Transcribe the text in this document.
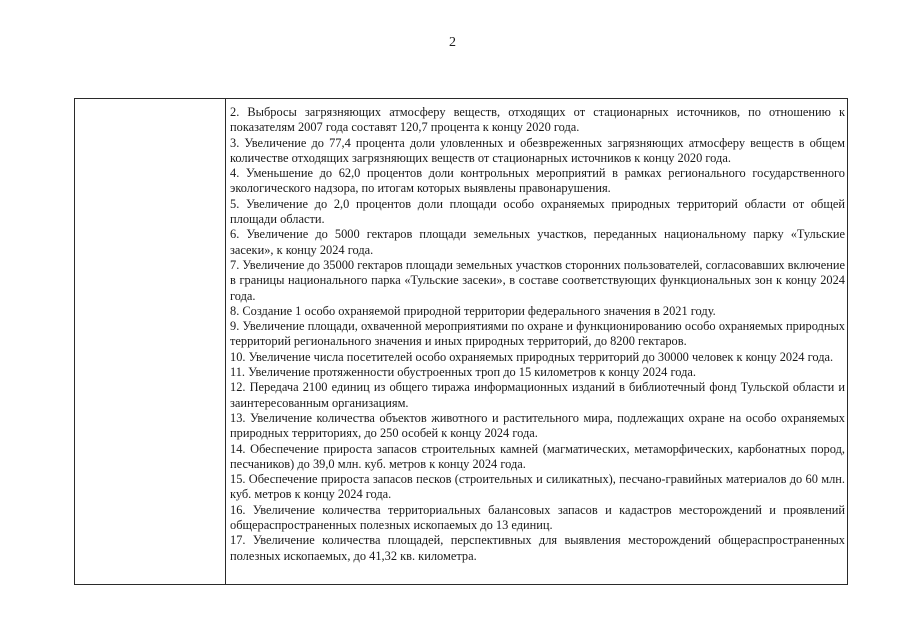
2

2. Выбросы загрязняющих атмосферу веществ, отходящих от стационарных источников, по отношению к показателям 2007 года составят 120,7 процента к концу 2020 года.

3. Увеличение до 77,4 процента доли уловленных и обезвреженных загрязняющих атмосферу веществ в общем количестве отходящих загрязняющих веществ от стационарных источников к концу 2020 года.

4. Уменьшение до 62,0 процентов доли контрольных мероприятий в рамках регионального государственного экологического надзора, по итогам которых выявлены правонарушения.

5. Увеличение до 2,0 процентов доли площади особо охраняемых природных территорий области от общей площади области.

6. Увеличение до 5000 гектаров площади земельных участков, переданных национальному парку «Тульские засеки», к концу 2024 года.

7. Увеличение до 35000 гектаров площади земельных участков сторонних пользователей, согласовавших включение в границы национального парка «Тульские засеки», в составе соответствующих функциональных зон к концу 2024 года.

8. Создание 1 особо охраняемой природной территории федерального значения в 2021 году.

9. Увеличение площади, охваченной мероприятиями по охране и функционированию особо охраняемых природных территорий регионального значения и иных природных территорий, до 8200 гектаров.

10. Увеличение числа посетителей особо охраняемых природных территорий до 30000 человек к концу 2024 года.

11. Увеличение протяженности обустроенных троп до 15 километров к концу 2024 года.

12. Передача 2100 единиц из общего тиража информационных изданий в библиотечный фонд Тульской области и заинтересованным организациям.

13. Увеличение количества объектов животного и растительного мира, подлежащих охране на особо охраняемых природных территориях, до 250 особей к концу 2024 года.

14. Обеспечение прироста запасов строительных камней (магматических, метаморфических, карбонатных пород, песчаников) до 39,0 млн. куб. метров к концу 2024 года.

15. Обеспечение прироста запасов песков (строительных и силикатных), песчано-гравийных материалов до 60 млн. куб. метров к концу 2024 года.

16. Увеличение количества территориальных балансовых запасов и кадастров месторождений и проявлений общераспространенных полезных ископаемых до 13 единиц.

17. Увеличение количества площадей, перспективных для выявления месторождений общераспространенных полезных ископаемых, до 41,32 кв. километра.
